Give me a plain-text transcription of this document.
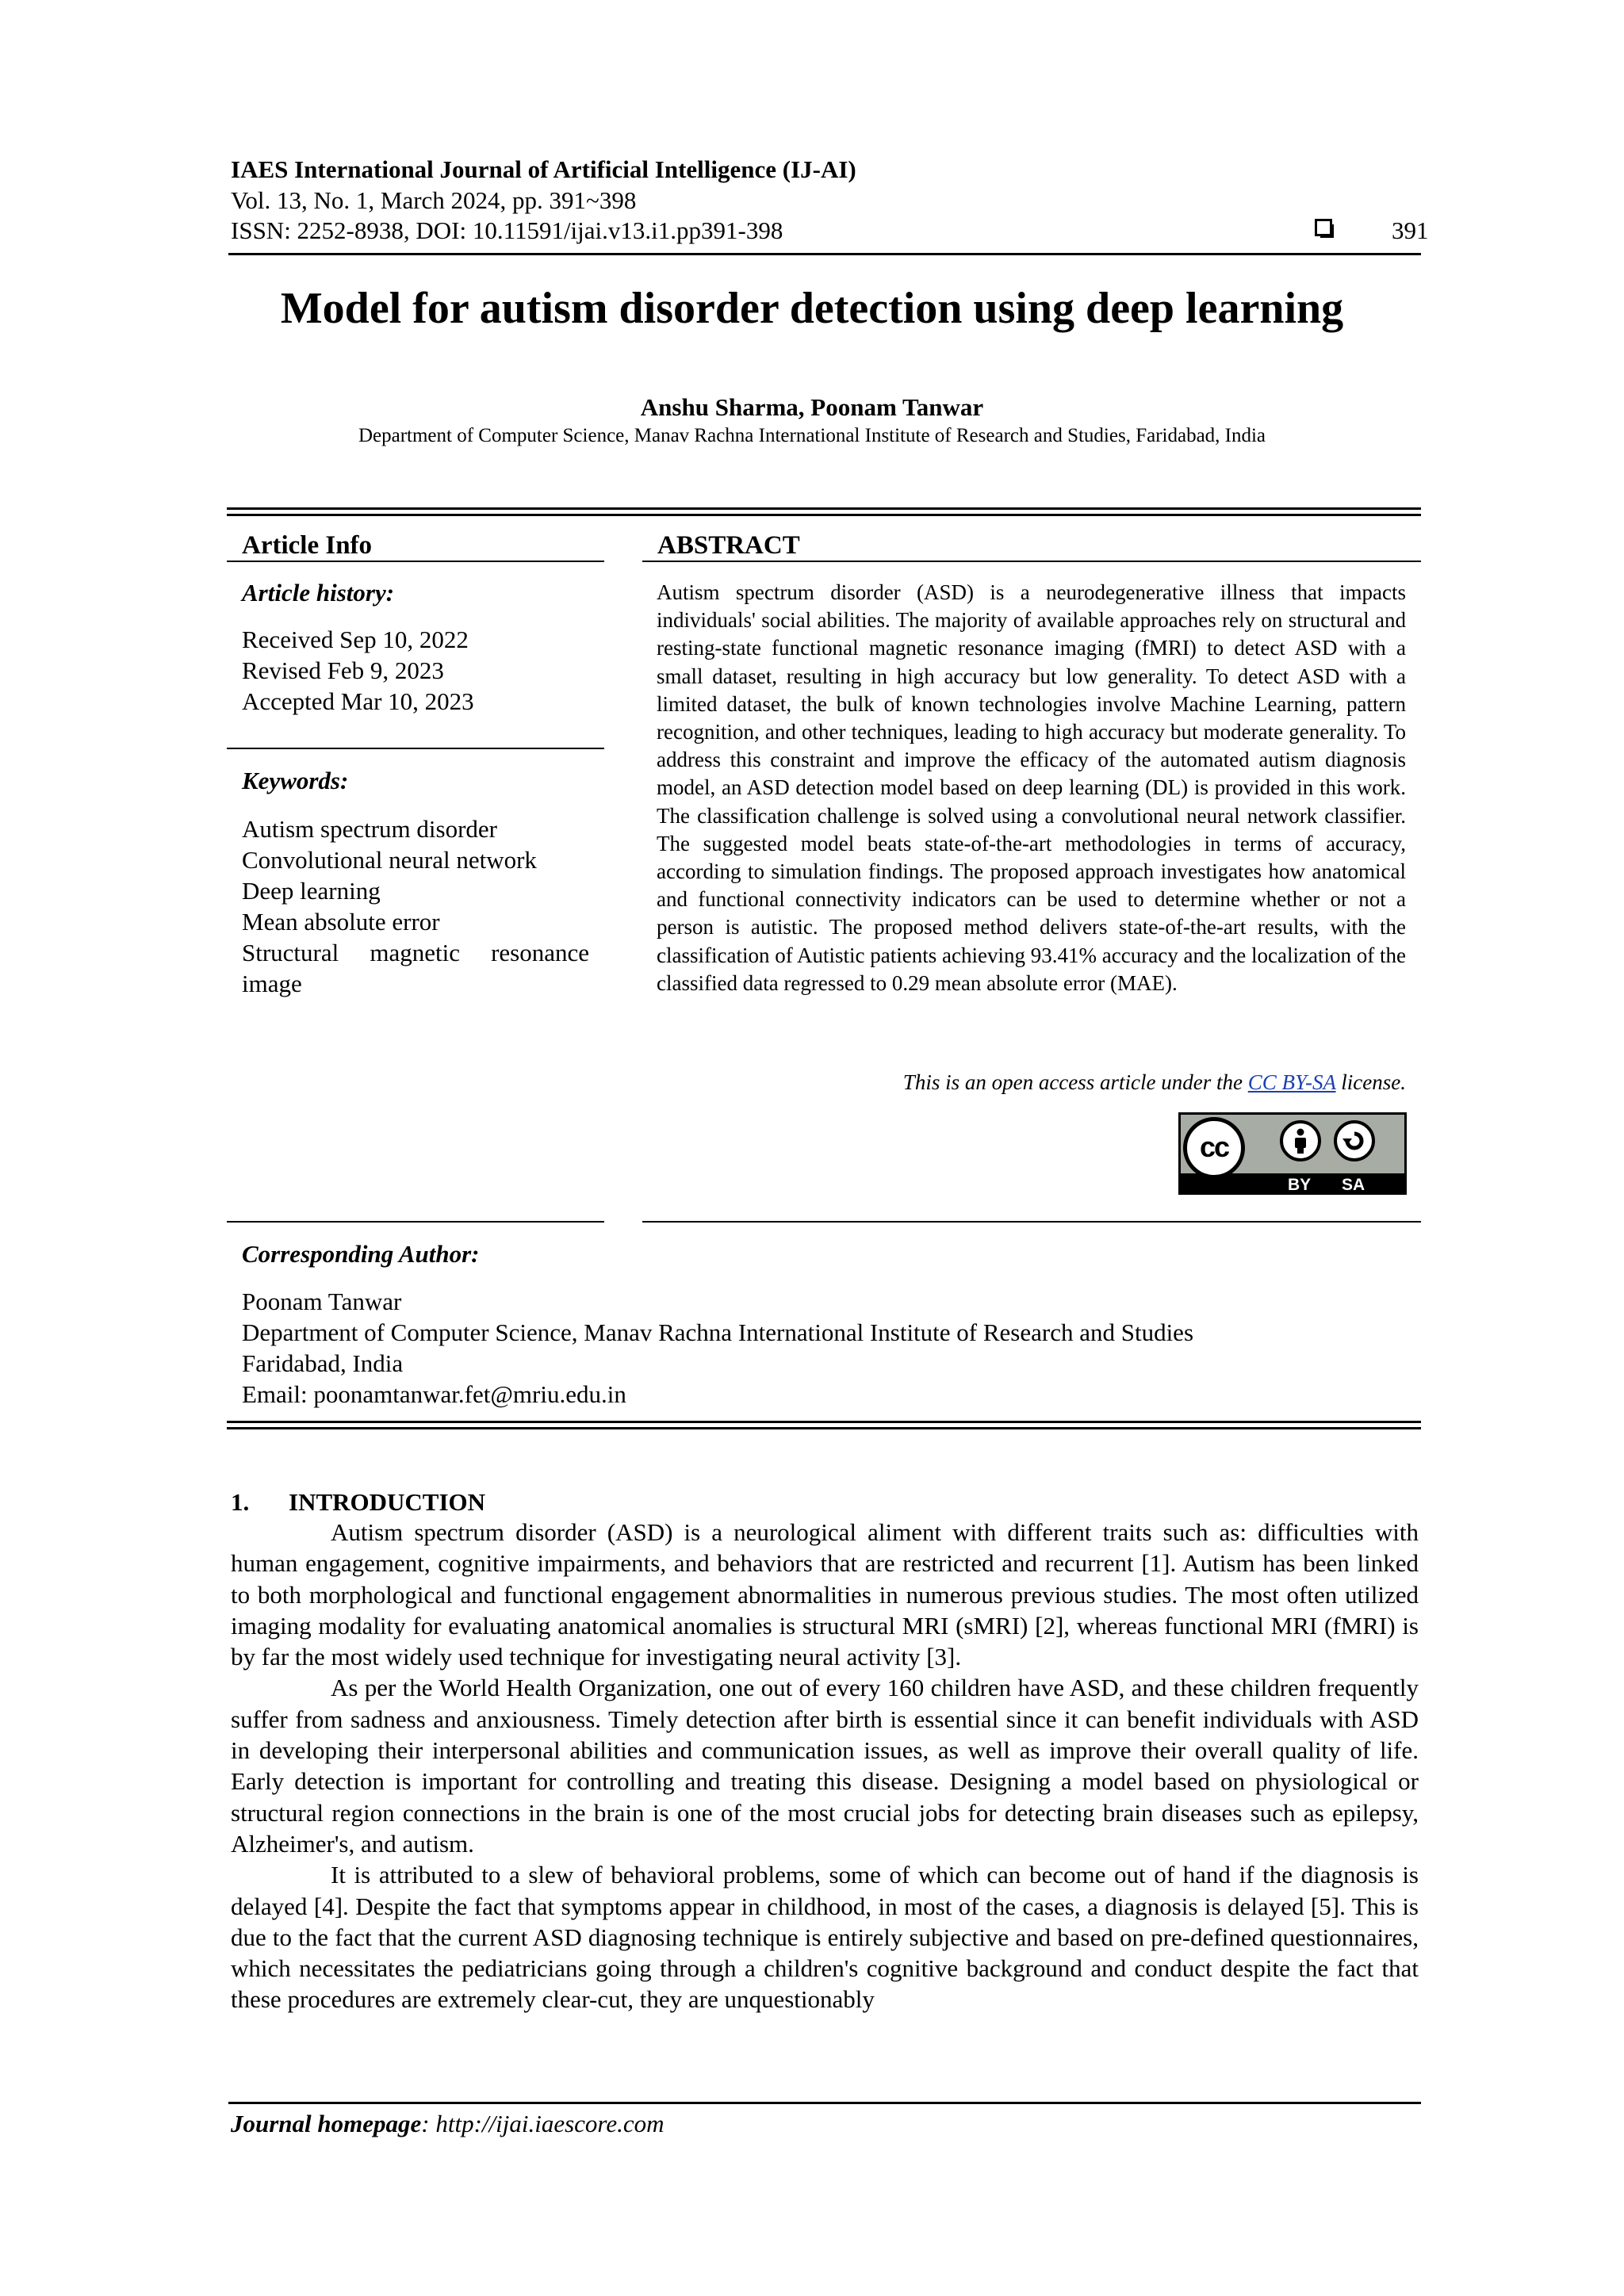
IAES International Journal of Artificial Intelligence (IJ-AI)
Vol. 13, No. 1, March 2024, pp. 391~398
ISSN: 2252-8938, DOI: 10.11591/ijai.v13.i1.pp391-398	391
Model for autism disorder detection using deep learning
Anshu Sharma, Poonam Tanwar
Department of Computer Science, Manav Rachna International Institute of Research and Studies, Faridabad, India
Article Info
Article history:
Received Sep 10, 2022
Revised Feb 9, 2023
Accepted Mar 10, 2023
Keywords:
Autism spectrum disorder
Convolutional neural network
Deep learning
Mean absolute error
Structural magnetic resonance
image
ABSTRACT
Autism spectrum disorder (ASD) is a neurodegenerative illness that impacts individuals' social abilities. The majority of available approaches rely on structural and resting-state functional magnetic resonance imaging (fMRI) to detect ASD with a small dataset, resulting in high accuracy but low generality. To detect ASD with a limited dataset, the bulk of known technologies involve Machine Learning, pattern recognition, and other techniques, leading to high accuracy but moderate generality. To address this constraint and improve the efficacy of the automated autism diagnosis model, an ASD detection model based on deep learning (DL) is provided in this work. The classification challenge is solved using a convolutional neural network classifier. The suggested model beats state-of-the-art methodologies in terms of accuracy, according to simulation findings. The proposed approach investigates how anatomical and functional connectivity indicators can be used to determine whether or not a person is autistic. The proposed method delivers state-of-the-art results, with the classification of Autistic patients achieving 93.41% accuracy and the localization of the classified data regressed to 0.29 mean absolute error (MAE).
This is an open access article under the CC BY-SA license.
cc
BY SA
Corresponding Author:
Poonam Tanwar
Department of Computer Science, Manav Rachna International Institute of Research and Studies
Faridabad, India
Email: poonamtanwar.fet@mriu.edu.in
1. INTRODUCTION

Autism spectrum disorder (ASD) is a neurological aliment with different traits such as: difficulties with human engagement, cognitive impairments, and behaviors that are restricted and recurrent [1]. Autism has been linked to both morphological and functional engagement abnormalities in numerous previous studies. The most often utilized imaging modality for evaluating anatomical anomalies is structural MRI (sMRI) [2], whereas functional MRI (fMRI) is by far the most widely used technique for investigating neural activity [3].

As per the World Health Organization, one out of every 160 children have ASD, and these children frequently suffer from sadness and anxiousness. Timely detection after birth is essential since it can benefit individuals with ASD in developing their interpersonal abilities and communication issues, as well as improve their overall quality of life. Early detection is important for controlling and treating this disease. Designing a model based on physiological or structural region connections in the brain is one of the most crucial jobs for detecting brain diseases such as epilepsy, Alzheimer's, and autism.

It is attributed to a slew of behavioral problems, some of which can become out of hand if the diagnosis is delayed [4]. Despite the fact that symptoms appear in childhood, in most of the cases, a diagnosis is delayed [5]. This is due to the fact that the current ASD diagnosing technique is entirely subjective and based on pre-defined questionnaires, which necessitates the pediatricians going through a children's cognitive background and conduct despite the fact that these procedures are extremely clear-cut, they are unquestionably

Journal homepage: http://ijai.iaescore.com
